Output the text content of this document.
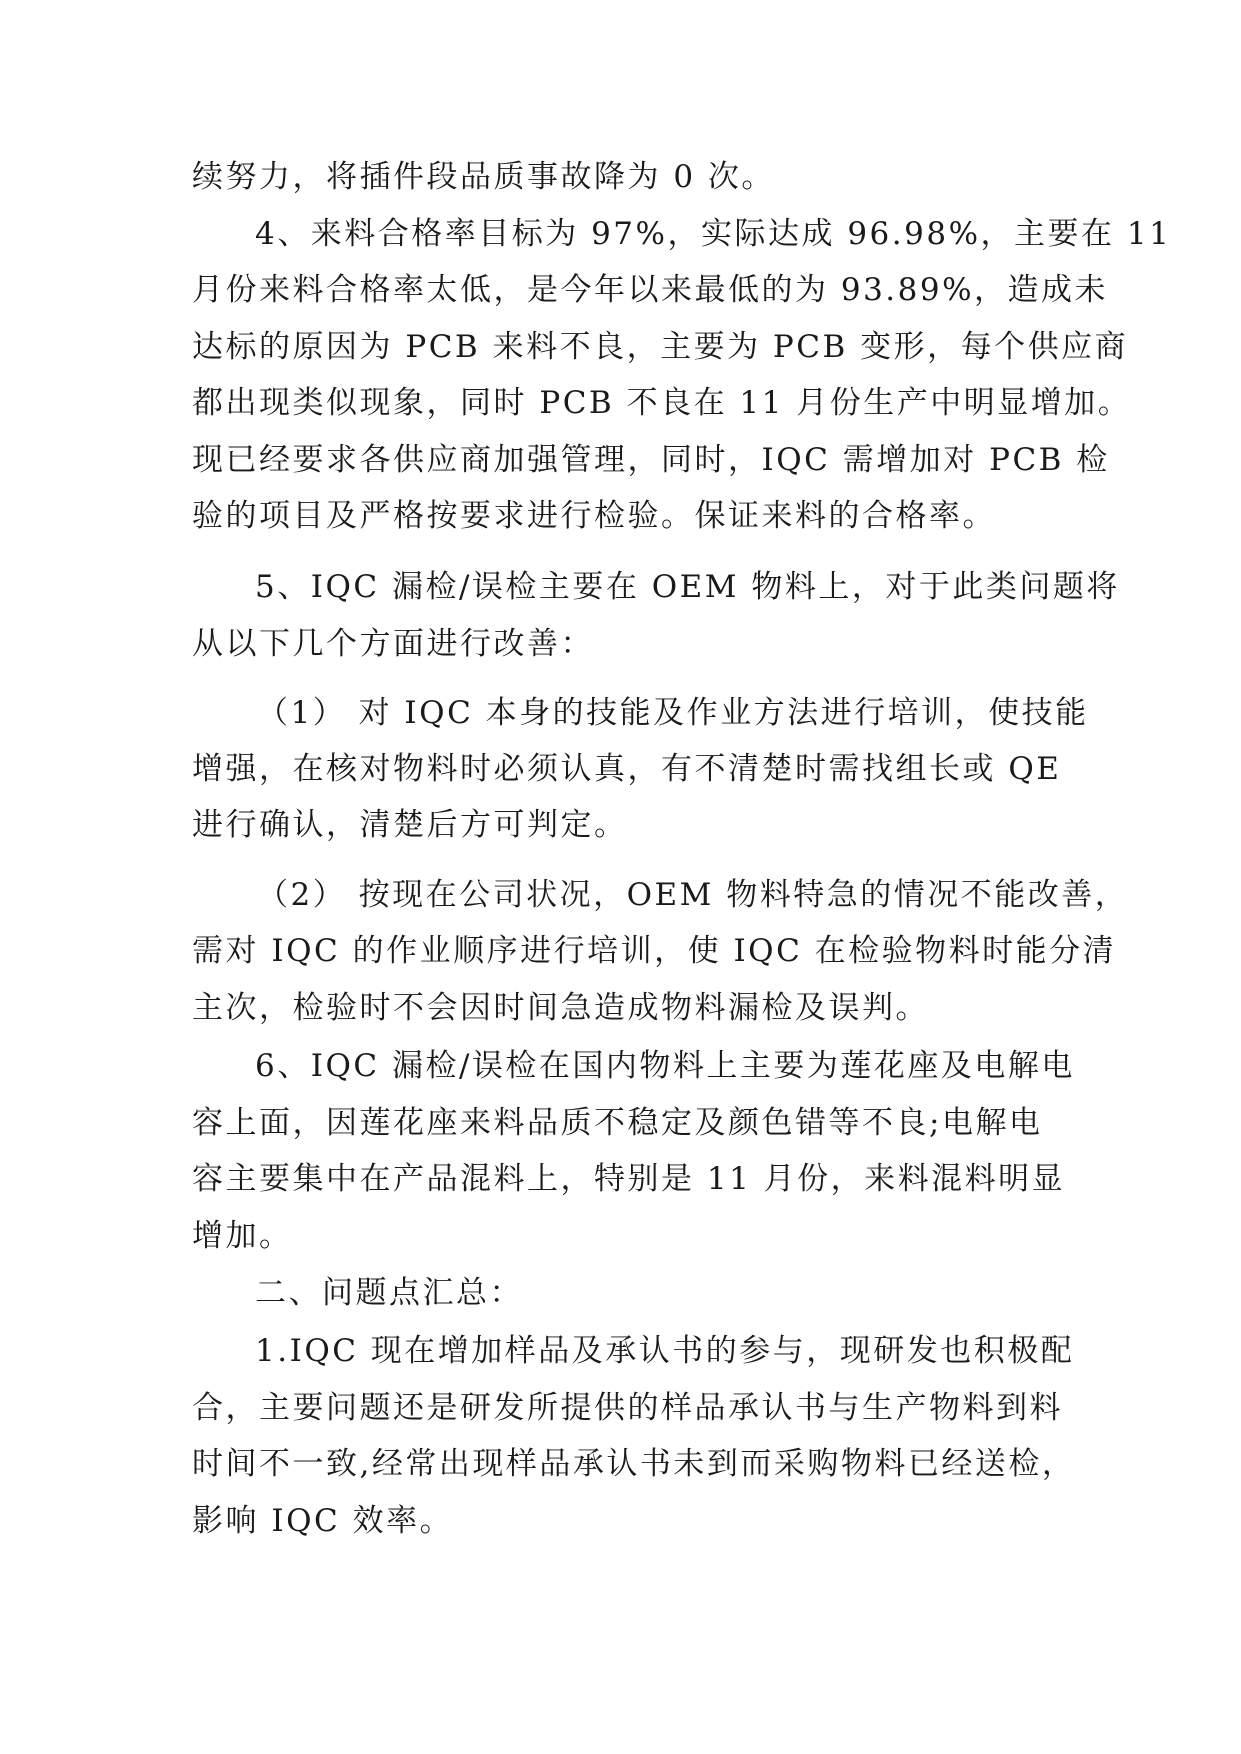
续努力，将插件段品质事故降为 0 次。
4、来料合格率目标为 97%，实际达成 96.98%，主要在 11
月份来料合格率太低，是今年以来最低的为 93.89%，造成未
达标的原因为 PCB 来料不良，主要为 PCB 变形，每个供应商
都出现类似现象，同时 PCB 不良在 11 月份生产中明显增加。
现已经要求各供应商加强管理，同时，IQC 需增加对 PCB 检
验的项目及严格按要求进行检验。保证来料的合格率。
5、IQC 漏检/误检主要在 OEM 物料上，对于此类问题将
从以下几个方面进行改善：
（1） 对 IQC 本身的技能及作业方法进行培训，使技能
增强，在核对物料时必须认真，有不清楚时需找组长或 QE
进行确认，清楚后方可判定。
（2） 按现在公司状况，OEM 物料特急的情况不能改善，
需对 IQC 的作业顺序进行培训，使 IQC 在检验物料时能分清
主次，检验时不会因时间急造成物料漏检及误判。
6、IQC 漏检/误检在国内物料上主要为莲花座及电解电
容上面，因莲花座来料品质不稳定及颜色错等不良;电解电
容主要集中在产品混料上，特别是 11 月份，来料混料明显
增加。
二、问题点汇总：
1.IQC 现在增加样品及承认书的参与，现研发也积极配
合，主要问题还是研发所提供的样品承认书与生产物料到料
时间不一致,经常出现样品承认书未到而采购物料已经送检，
影响 IQC 效率。
